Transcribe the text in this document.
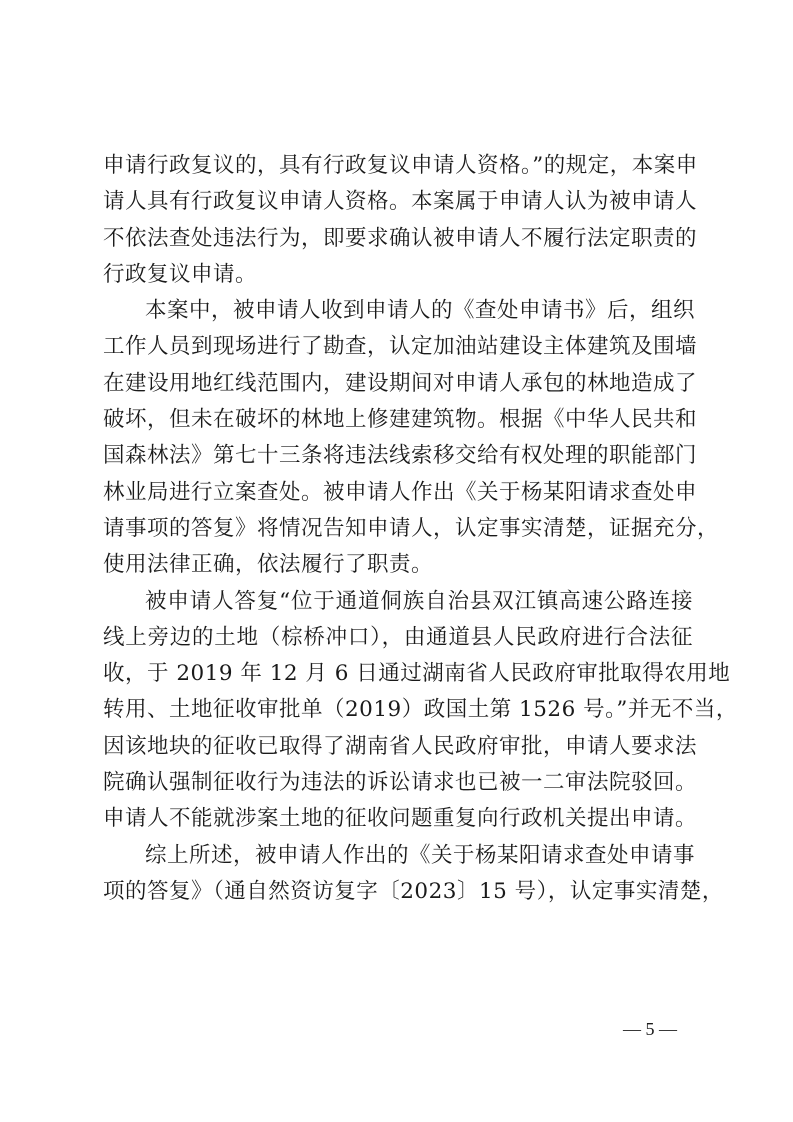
申请行政复议的，具有行政复议申请人资格。”的规定，本案申
请人具有行政复议申请人资格。本案属于申请人认为被申请人
不依法查处违法行为，即要求确认被申请人不履行法定职责的
行政复议申请。
本案中，被申请人收到申请人的《查处申请书》后，组织
工作人员到现场进行了勘查，认定加油站建设主体建筑及围墙
在建设用地红线范围内，建设期间对申请人承包的林地造成了
破坏，但未在破坏的林地上修建建筑物。根据《中华人民共和
国森林法》第七十三条将违法线索移交给有权处理的职能部门
林业局进行立案查处。被申请人作出《关于杨某阳请求查处申
请事项的答复》将情况告知申请人，认定事实清楚，证据充分，
使用法律正确，依法履行了职责。
被申请人答复“位于通道侗族自治县双江镇高速公路连接
线上旁边的土地（棕桥冲口），由通道县人民政府进行合法征
收，于 2019 年 12 月 6 日通过湖南省人民政府审批取得农用地
转用、土地征收审批单（2019）政国土第 1526 号。”并无不当，
因该地块的征收已取得了湖南省人民政府审批，申请人要求法
院确认强制征收行为违法的诉讼请求也已被一二审法院驳回。
申请人不能就涉案土地的征收问题重复向行政机关提出申请。
综上所述，被申请人作出的《关于杨某阳请求查处申请事
项的答复》（通自然资访复字〔2023〕15 号），认定事实清楚，
— 5 —
